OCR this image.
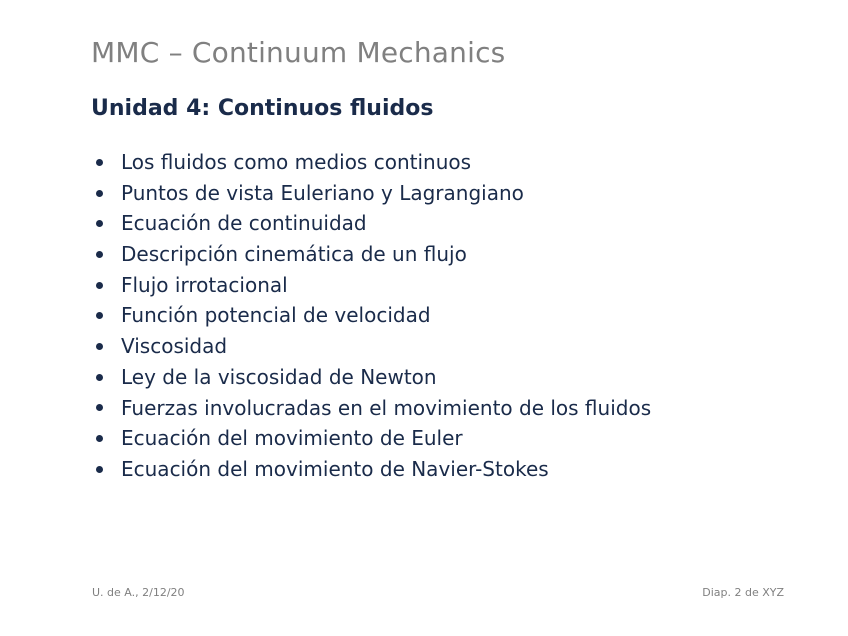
MMC – Continuum Mechanics
Unidad 4: Continuos fluidos
Los fluidos como medios continuos
Puntos de vista Euleriano y Lagrangiano
Ecuación de continuidad
Descripción cinemática de un flujo
Flujo irrotacional
Función potencial de velocidad
Viscosidad
Ley de la viscosidad de Newton
Fuerzas involucradas en el movimiento de los fluidos
Ecuación del movimiento de Euler
Ecuación del movimiento de Navier-Stokes
U. de A., 2/12/20	Diap. 2 de XYZ
